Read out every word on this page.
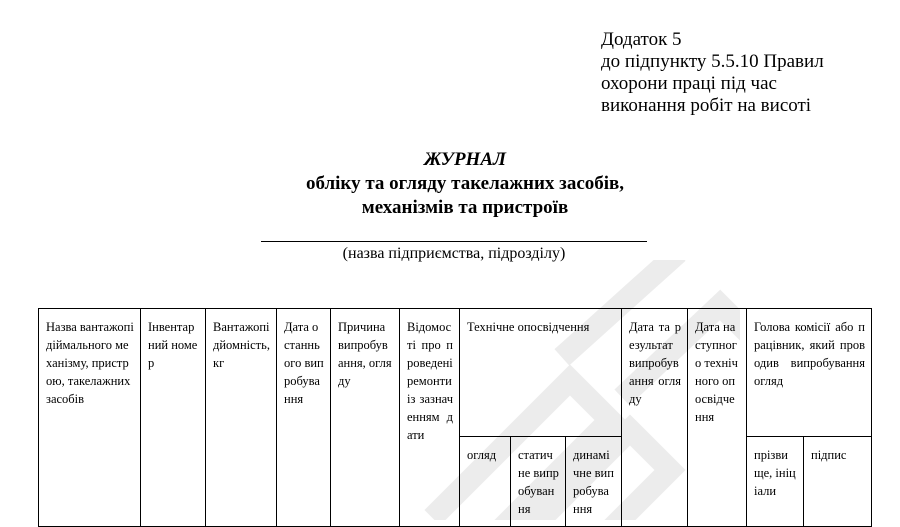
Додаток 5
до підпункту 5.5.10 Правил
охорони праці під час
виконання робіт на висоті
ЖУРНАЛ
обліку та огляду такелажних засобів,
механізмів та пристроїв
(назва підприємства, підрозділу)
Назва вантажопідіймального механізму, пристрою, такелажних засобів	Інвентарний номер	Вантажопідйомність, кг	Дата останнього випробування	Причина випробування, огляду	Відомості про проведені ремонти із зазначенням дати	Технічне опосвідчення			Дата та результат випробування огляду	Дата наступного технічного опосвідчення	Голова комісії або працівник, який проводив випробування огляд	
						огляд	статичне випробування	динамічне випробування			прізвище, ініціали	підпис
